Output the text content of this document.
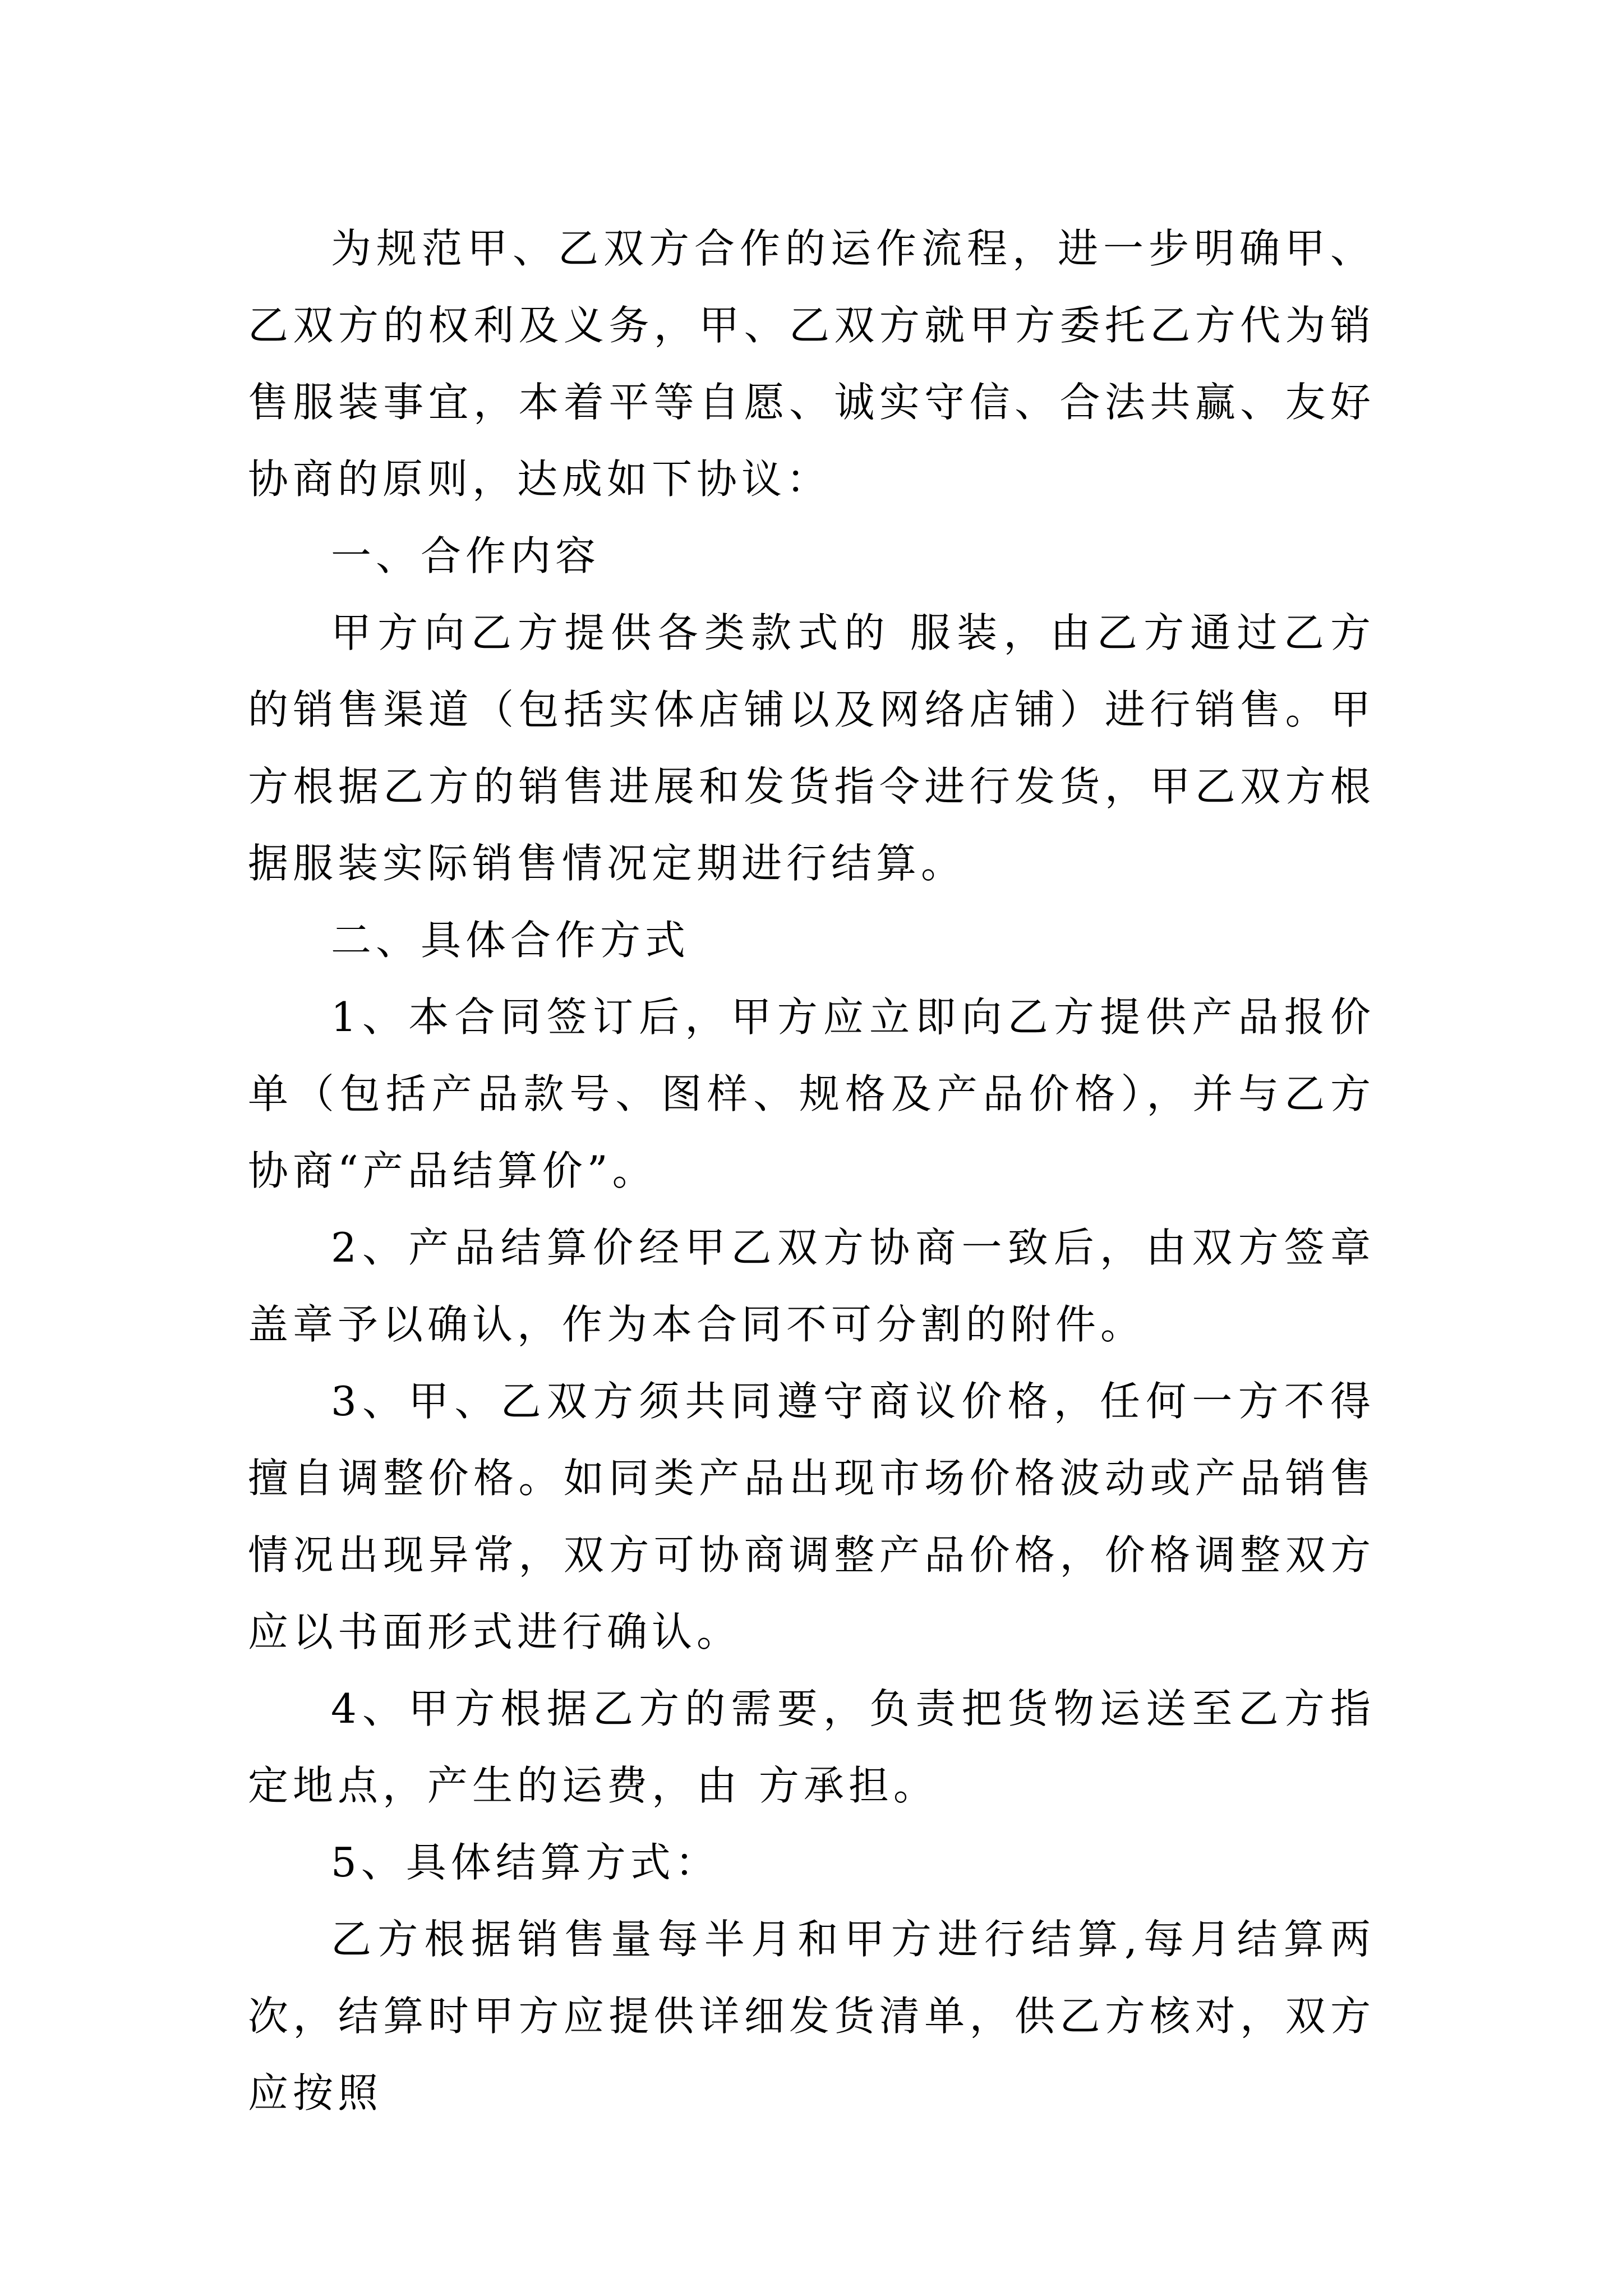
为规范甲、乙双方合作的运作流程，进一步明确甲、乙双方的权利及义务，甲、乙双方就甲方委托乙方代为销售服装事宜，本着平等自愿、诚实守信、合法共赢、友好协商的原则，达成如下协议：

一、合作内容

甲方向乙方提供各类款式的 服装，由乙方通过乙方的销售渠道（包括实体店铺以及网络店铺）进行销售。甲方根据乙方的销售进展和发货指令进行发货，甲乙双方根据服装实际销售情况定期进行结算。

二、具体合作方式

1、本合同签订后，甲方应立即向乙方提供产品报价单（包括产品款号、图样、规格及产品价格），并与乙方协商“产品结算价”。

2、产品结算价经甲乙双方协商一致后，由双方签章盖章予以确认，作为本合同不可分割的附件。

3、甲、乙双方须共同遵守商议价格，任何一方不得擅自调整价格。如同类产品出现市场价格波动或产品销售情况出现异常，双方可协商调整产品价格，价格调整双方应以书面形式进行确认。

4、甲方根据乙方的需要，负责把货物运送至乙方指定地点，产生的运费，由 方承担。

5、具体结算方式：

乙方根据销售量每半月和甲方进行结算,每月结算两次，结算时甲方应提供详细发货清单，供乙方核对，双方应按照
